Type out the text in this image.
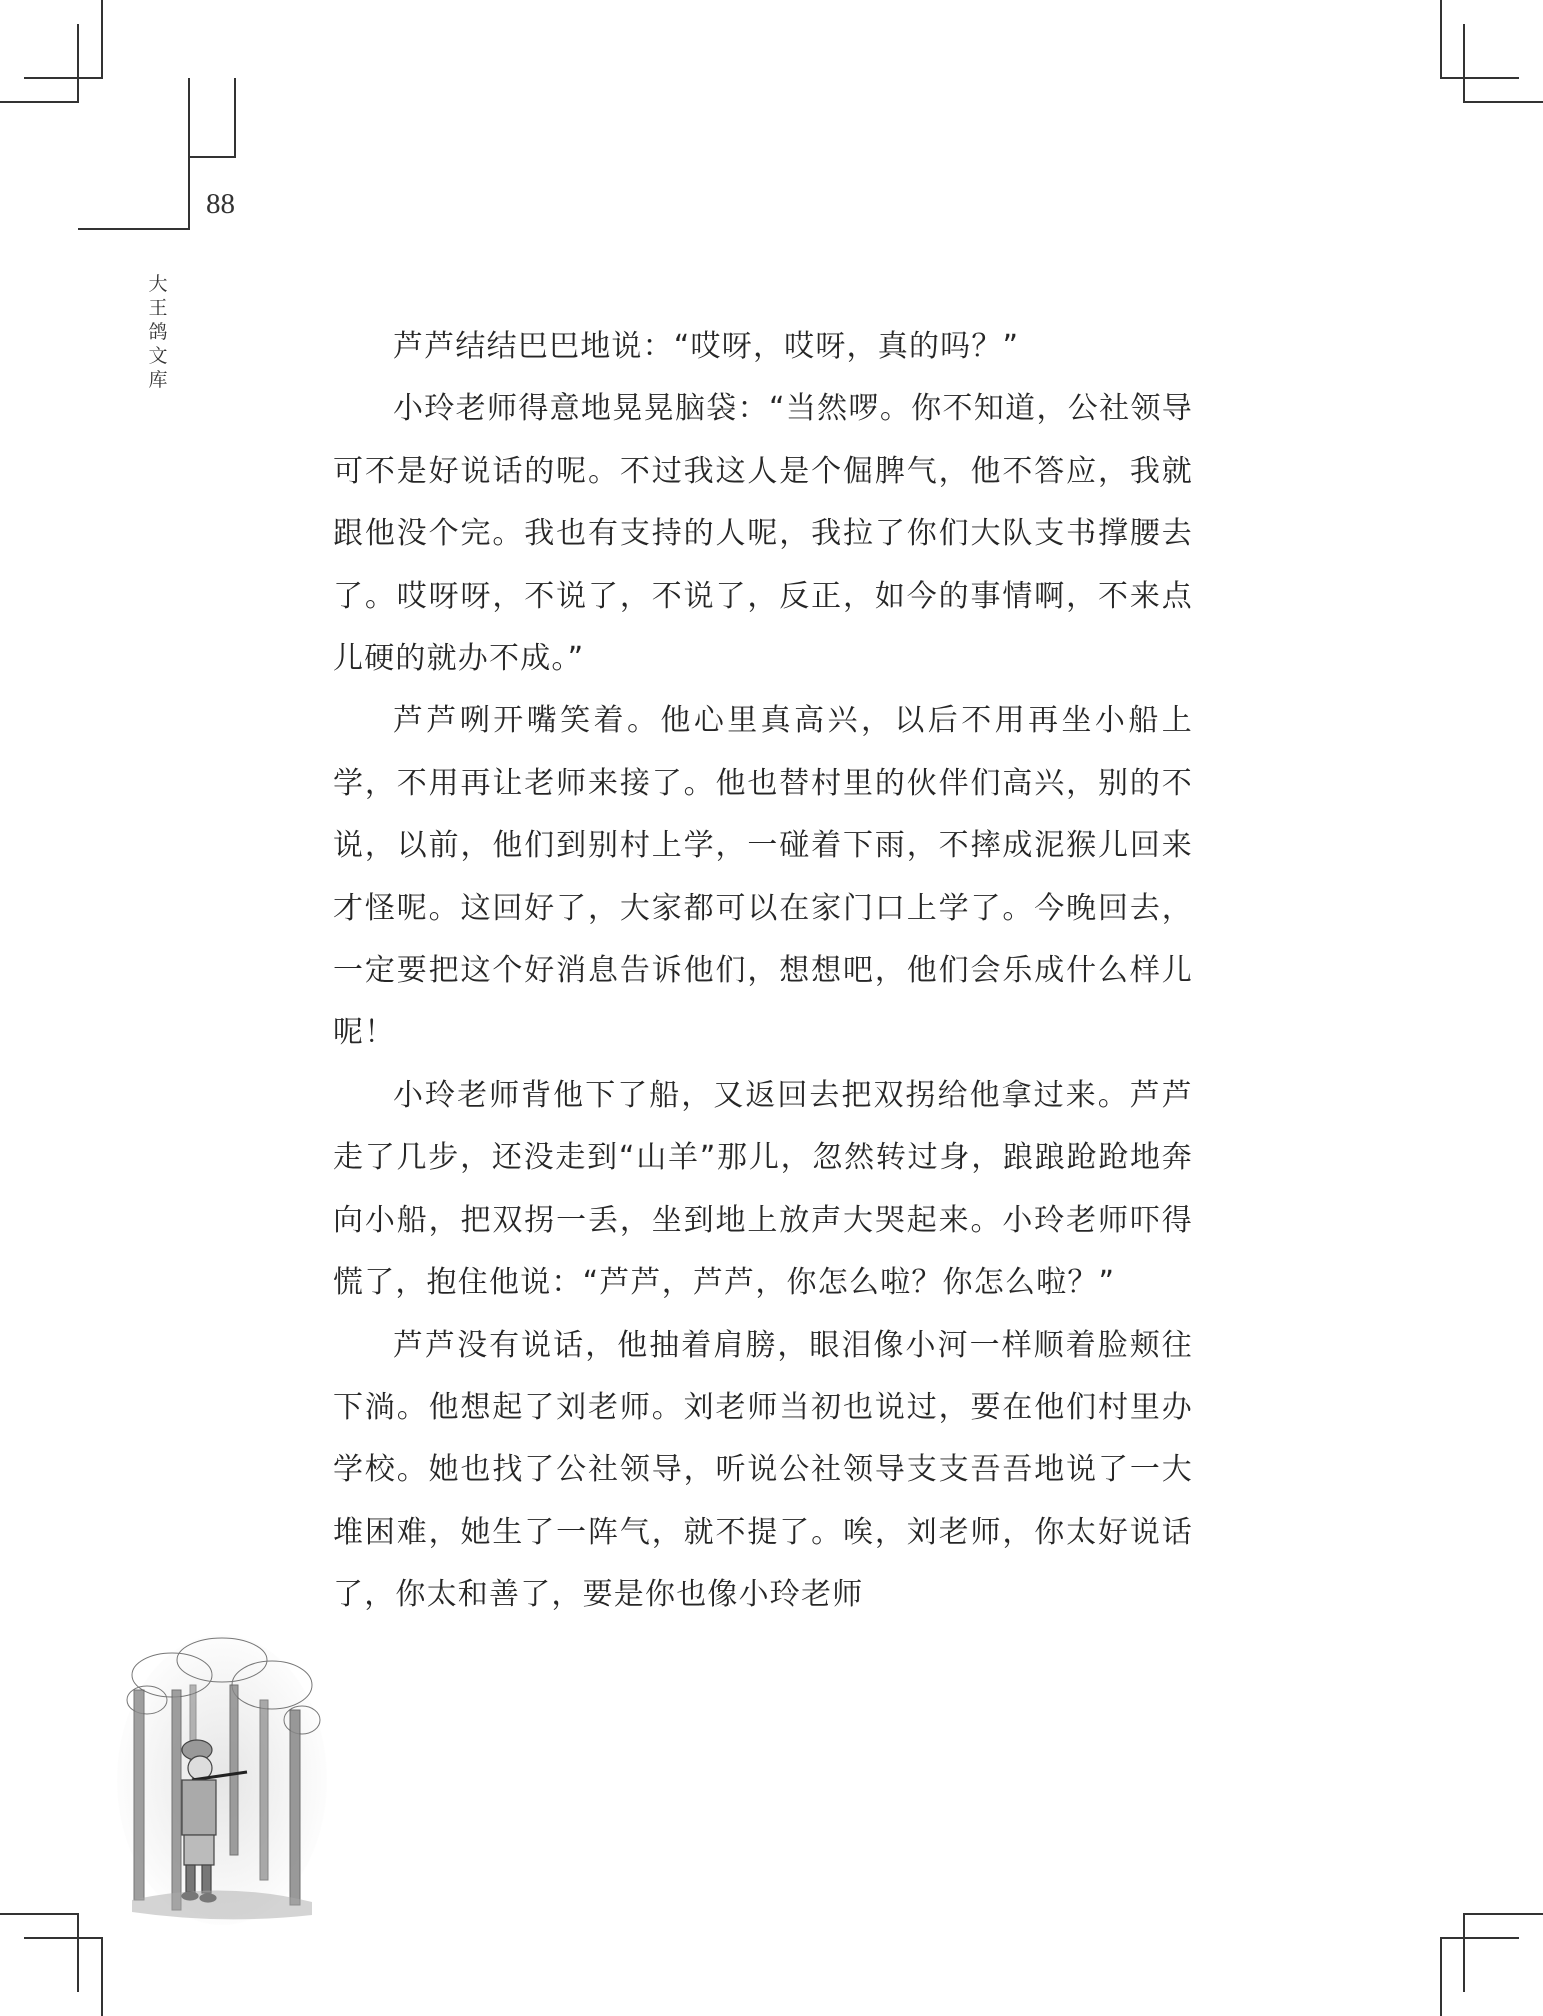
88
大王鸽文库

芦芦结结巴巴地说：“哎呀，哎呀，真的吗？”

小玲老师得意地晃晃脑袋：“当然啰。你不知道，公社领导可不是好说话的呢。不过我这人是个倔脾气，他不答应，我就跟他没个完。我也有支持的人呢，我拉了你们大队支书撑腰去了。哎呀呀，不说了，不说了，反正，如今的事情啊，不来点儿硬的就办不成。”

芦芦咧开嘴笑着。他心里真高兴，以后不用再坐小船上学，不用再让老师来接了。他也替村里的伙伴们高兴，别的不说，以前，他们到别村上学，一碰着下雨，不摔成泥猴儿回来才怪呢。这回好了，大家都可以在家门口上学了。今晚回去，一定要把这个好消息告诉他们，想想吧，他们会乐成什么样儿呢！

小玲老师背他下了船，又返回去把双拐给他拿过来。芦芦走了几步，还没走到“山羊”那儿，忽然转过身，踉踉跄跄地奔向小船，把双拐一丢，坐到地上放声大哭起来。小玲老师吓得慌了，抱住他说：“芦芦，芦芦，你怎么啦？你怎么啦？”

芦芦没有说话，他抽着肩膀，眼泪像小河一样顺着脸颊往下淌。他想起了刘老师。刘老师当初也说过，要在他们村里办学校。她也找了公社领导，听说公社领导支支吾吾地说了一大堆困难，她生了一阵气，就不提了。唉，刘老师，你太好说话了，你太和善了，要是你也像小玲老师
